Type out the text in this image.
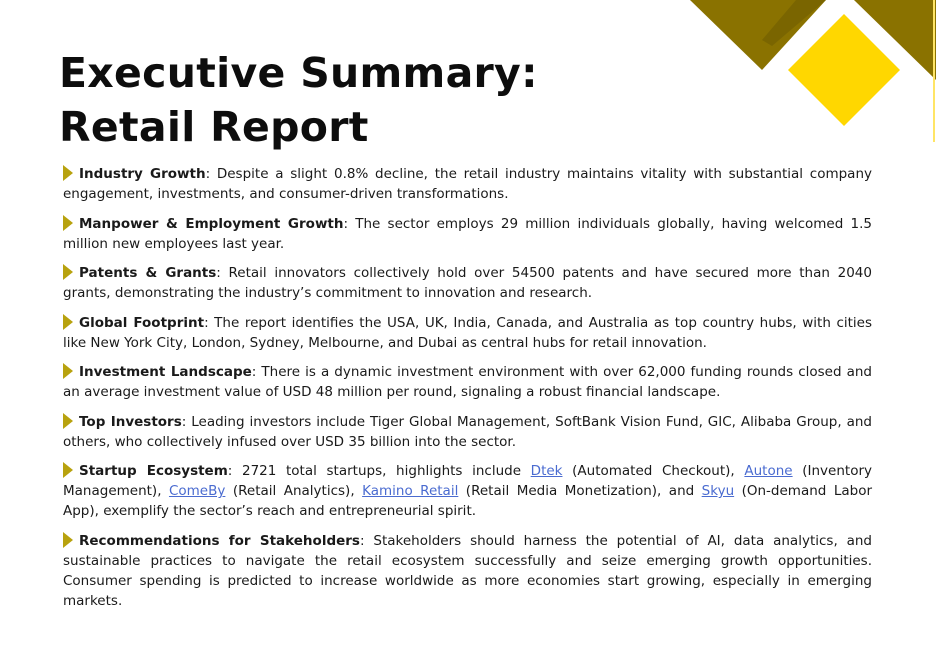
Executive Summary:
Retail Report

Industry Growth: Despite a slight 0.8% decline, the retail industry maintains vitality with substantial company engagement, investments, and consumer-driven transformations.

Manpower & Employment Growth: The sector employs 29 million individuals globally, having welcomed 1.5 million new employees last year.

Patents & Grants: Retail innovators collectively hold over 54500 patents and have secured more than 2040 grants, demonstrating the industry’s commitment to innovation and research.

Global Footprint: The report identifies the USA, UK, India, Canada, and Australia as top country hubs, with cities like New York City, London, Sydney, Melbourne, and Dubai as central hubs for retail innovation.

Investment Landscape: There is a dynamic investment environment with over 62,000 funding rounds closed and an average investment value of USD 48 million per round, signaling a robust financial landscape.

Top Investors: Leading investors include Tiger Global Management, SoftBank Vision Fund, GIC, Alibaba Group, and others, who collectively infused over USD 35 billion into the sector.

Startup Ecosystem: 2721 total startups, highlights include Dtek (Automated Checkout), Autone (Inventory Management), ComeBy (Retail Analytics), Kamino Retail (Retail Media Monetization), and Skyu (On-demand Labor App), exemplify the sector’s reach and entrepreneurial spirit.

Recommendations for Stakeholders: Stakeholders should harness the potential of AI, data analytics, and sustainable practices to navigate the retail ecosystem successfully and seize emerging growth opportunities. Consumer spending is predicted to increase worldwide as more economies start growing, especially in emerging markets.
